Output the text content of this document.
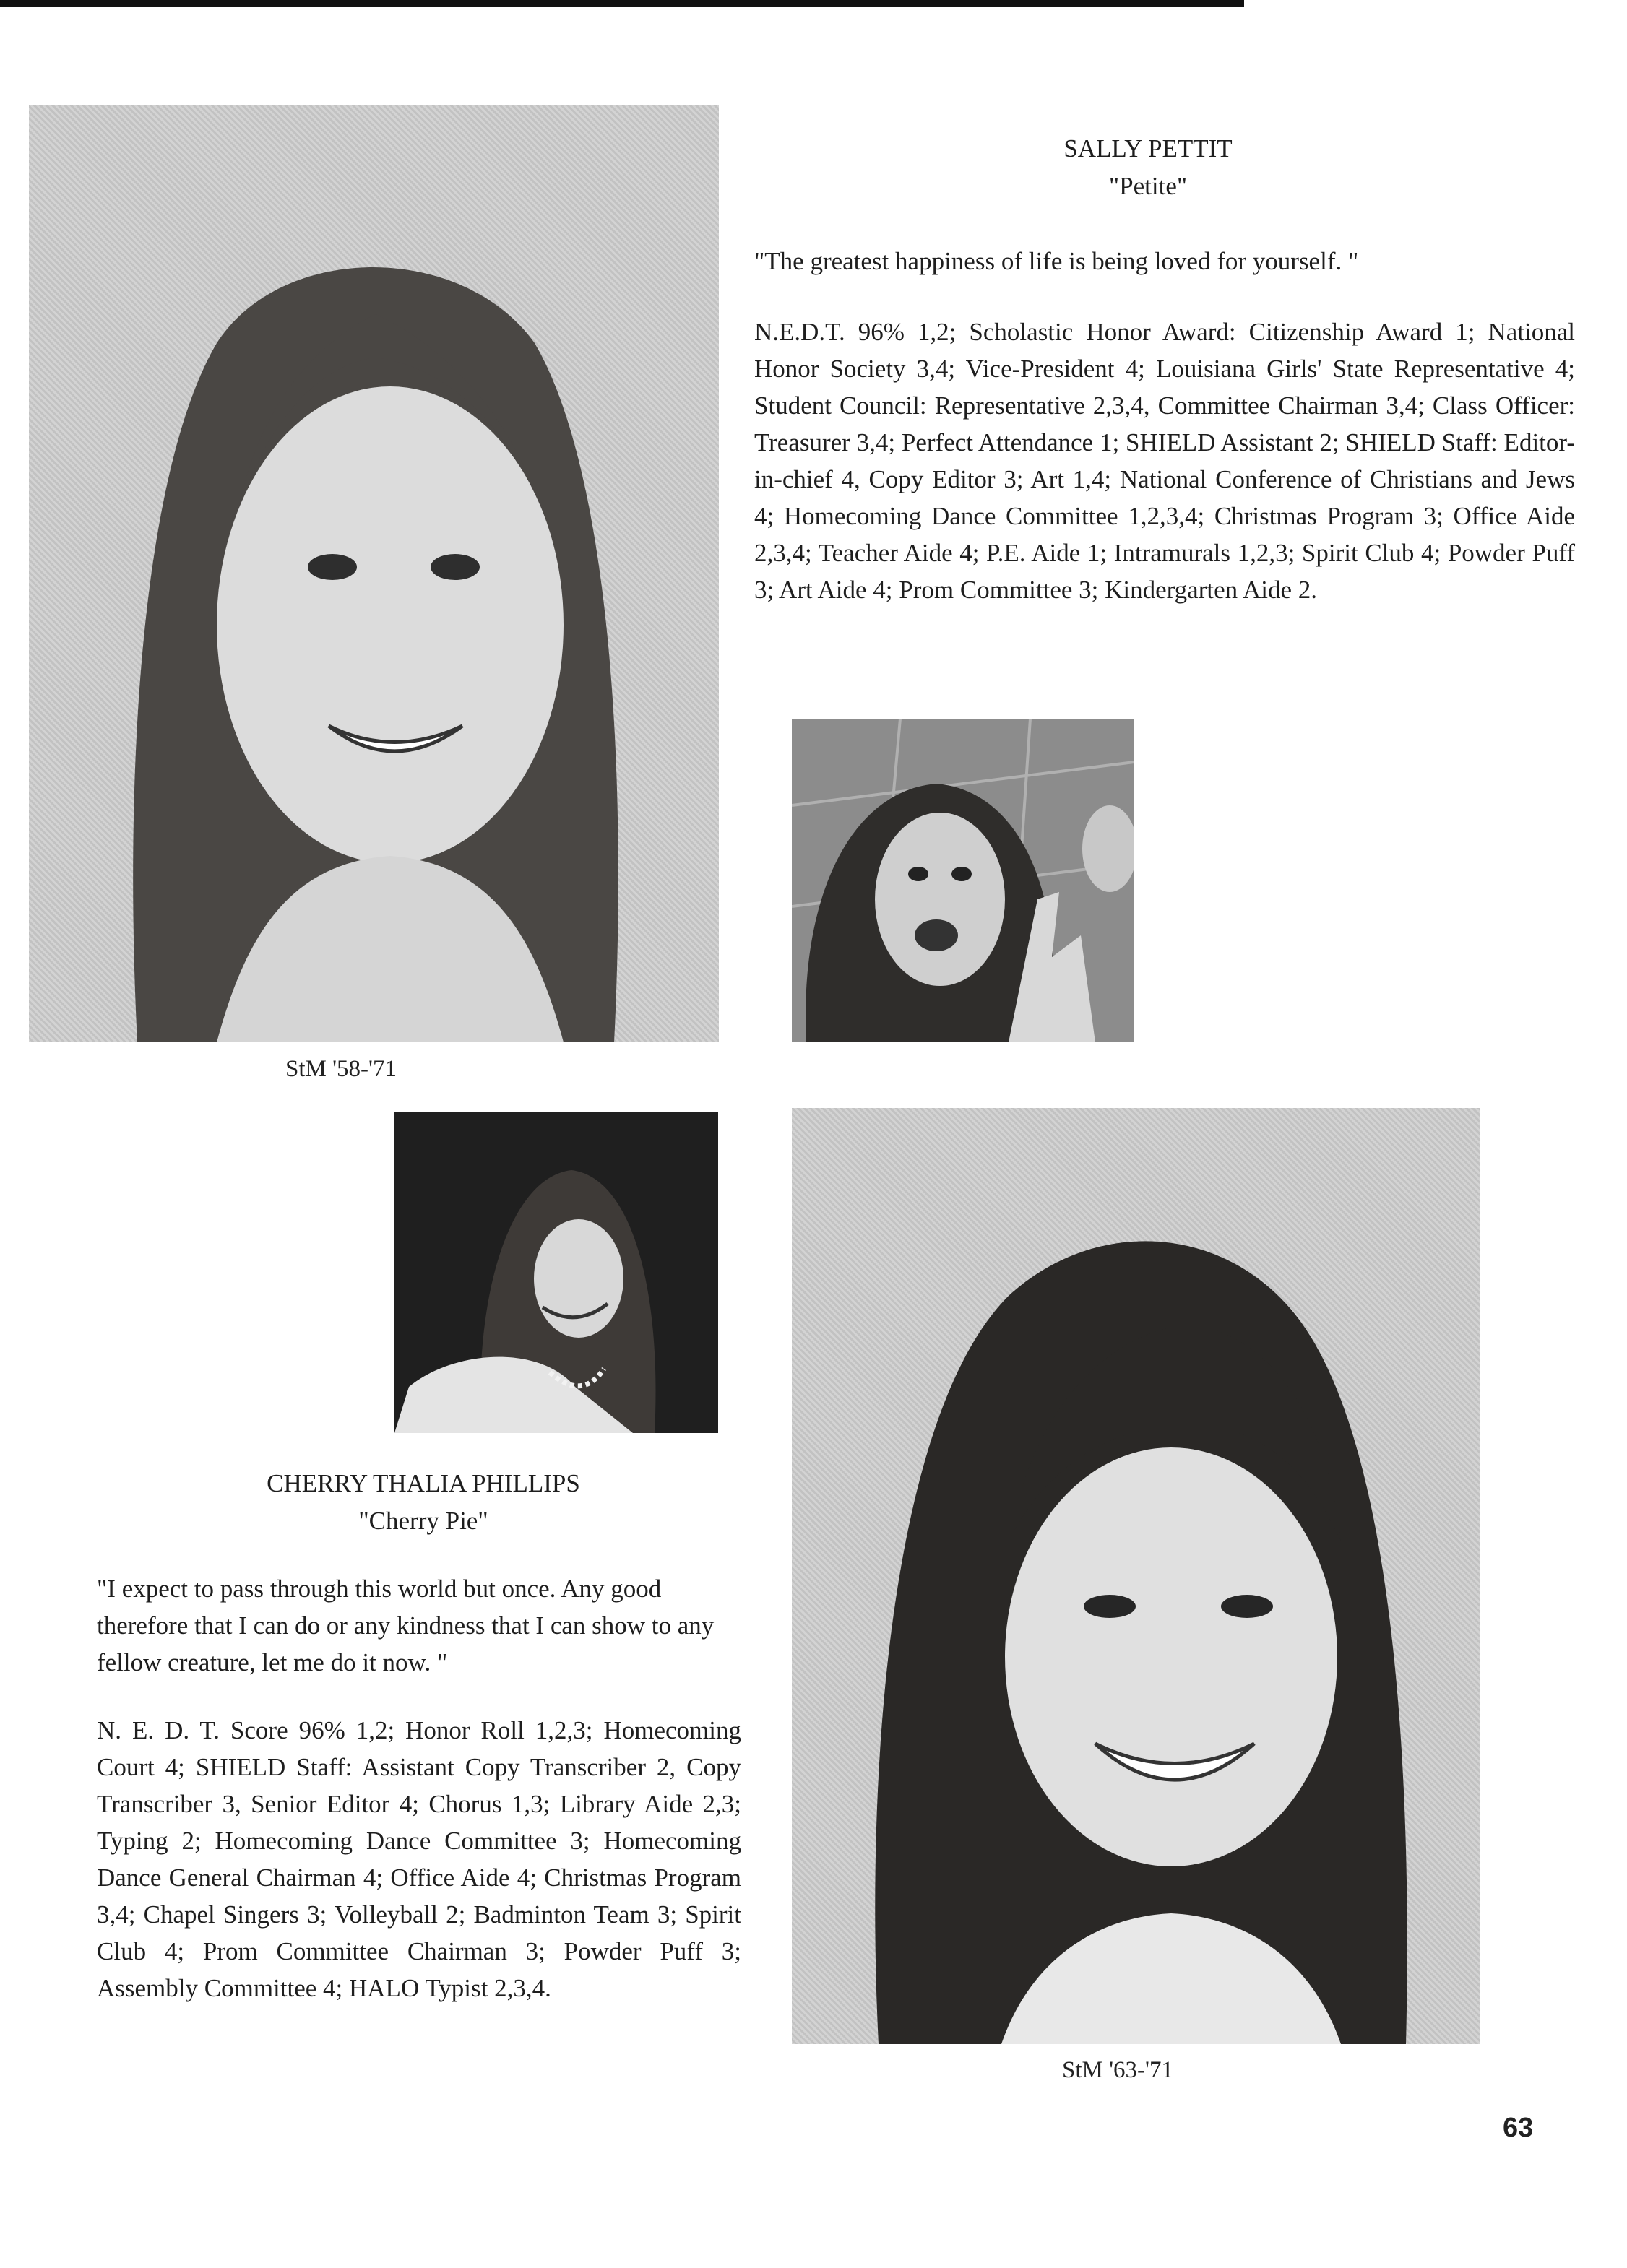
StM '58-'71
SALLY PETTIT
"Petite"
"The greatest happiness of life is being loved for yourself. "
N.E.D.T. 96% 1,2; Scholastic Honor Award: Citizenship Award 1; National Honor Society 3,4; Vice-President 4; Louisiana Girls' State Representative 4; Student Council: Representative 2,3,4, Committee Chairman 3,4; Class Officer: Treasurer 3,4; Perfect Attendance 1; SHIELD Assistant 2; SHIELD Staff: Editor-in-chief 4, Copy Editor 3; Art 1,4; National Conference of Christians and Jews 4; Homecoming Dance Committee 1,2,3,4; Christmas Program 3; Office Aide 2,3,4; Teacher Aide 4; P.E. Aide 1; Intramurals 1,2,3; Spirit Club 4; Powder Puff 3; Art Aide 4; Prom Committee 3; Kindergarten Aide 2.
CHERRY THALIA PHILLIPS
"Cherry Pie"
"I expect to pass through this world but once. Any good therefore that I can do or any kindness that I can show to any fellow creature, let me do it now. "
N. E. D. T. Score 96% 1,2; Honor Roll 1,2,3; Homecoming Court 4; SHIELD Staff: Assistant Copy Transcriber 2, Copy Transcriber 3, Senior Editor 4; Chorus 1,3; Library Aide 2,3; Typing 2; Homecoming Dance Committee 3; Homecoming Dance General Chairman 4; Office Aide 4; Christmas Program 3,4; Chapel Singers 3; Volleyball 2; Badminton Team 3; Spirit Club 4; Prom Committee Chairman 3; Powder Puff 3; Assembly Committee 4; HALO Typist 2,3,4.
StM '63-'71
63
